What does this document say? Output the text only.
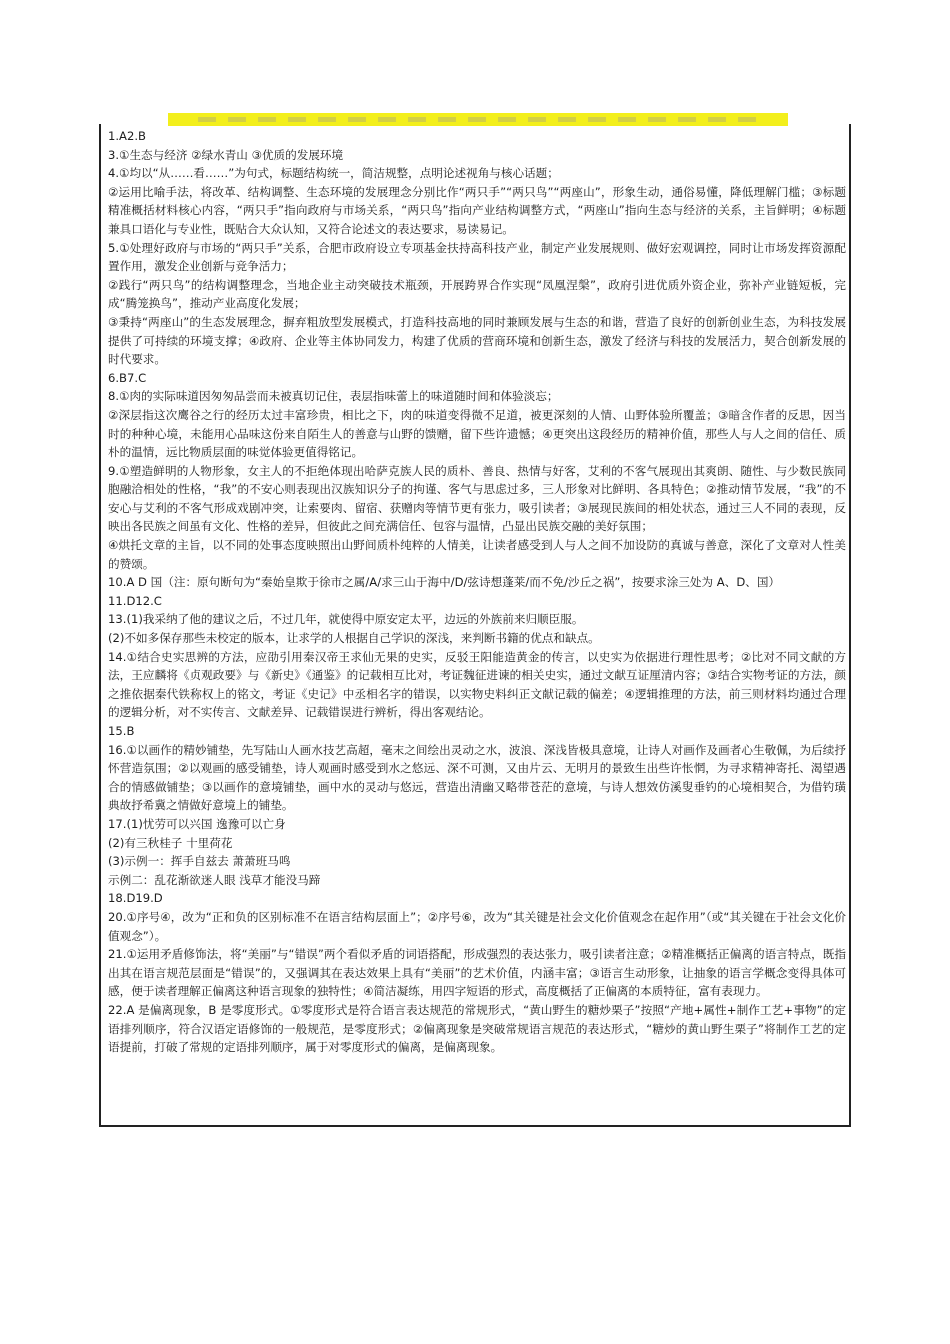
1.A2.B

3.①生态与经济 ②绿水青山 ③优质的发展环境

4.①均以“从……看……”为句式，标题结构统一，简洁规整，点明论述视角与核心话题；

②运用比喻手法，将改革、结构调整、生态环境的发展理念分别比作“两只手”“两只鸟”“两座山”，形象生动，通俗易懂，降低理解门槛；③标题精准概括材料核心内容，“两只手”指向政府与市场关系，“两只鸟”指向产业结构调整方式，“两座山”指向生态与经济的关系，主旨鲜明；④标题兼具口语化与专业性，既贴合大众认知，又符合论述文的表达要求，易读易记。

5.①处理好政府与市场的“两只手”关系，合肥市政府设立专项基金扶持高科技产业，制定产业发展规则、做好宏观调控，同时让市场发挥资源配置作用，激发企业创新与竞争活力；

②践行“两只鸟”的结构调整理念，当地企业主动突破技术瓶颈，开展跨界合作实现“凤凰涅槃”，政府引进优质外资企业，弥补产业链短板，完成“腾笼换鸟”，推动产业高度化发展；

③秉持“两座山”的生态发展理念，摒弃粗放型发展模式，打造科技高地的同时兼顾发展与生态的和谐，营造了良好的创新创业生态，为科技发展提供了可持续的环境支撑；④政府、企业等主体协同发力，构建了优质的营商环境和创新生态，激发了经济与科技的发展活力，契合创新发展的时代要求。

6.B7.C

8.①肉的实际味道因匆匆品尝而未被真切记住，表层指味蕾上的味道随时间和体验淡忘；

②深层指这次鹰谷之行的经历太过丰富珍贵，相比之下，肉的味道变得微不足道，被更深刻的人情、山野体验所覆盖；③暗含作者的反思，因当时的种种心境，未能用心品味这份来自陌生人的善意与山野的馈赠，留下些许遗憾；④更突出这段经历的精神价值，那些人与人之间的信任、质朴的温情，远比物质层面的味觉体验更值得铭记。

9.①塑造鲜明的人物形象，女主人的不拒绝体现出哈萨克族人民的质朴、善良、热情与好客，艾利的不客气展现出其爽朗、随性、与少数民族同胞融洽相处的性格，“我”的不安心则表现出汉族知识分子的拘谨、客气与思虑过多，三人形象对比鲜明、各具特色；②推动情节发展，“我”的不安心与艾利的不客气形成戏剧冲突，让索要肉、留宿、获赠肉等情节更有张力，吸引读者；③展现民族间的相处状态，通过三人不同的表现，反映出各民族之间虽有文化、性格的差异，但彼此之间充满信任、包容与温情，凸显出民族交融的美好氛围；

④烘托文章的主旨，以不同的处事态度映照出山野间质朴纯粹的人情美，让读者感受到人与人之间不加设防的真诚与善意，深化了文章对人性美的赞颂。

10.A D 国（注：原句断句为“秦始皇欺于徐市之属/A/求三山于海中/D/弦诗想蓬莱/而不免/沙丘之祸”，按要求涂三处为 A、D、国）

11.D12.C

13.(1)我采纳了他的建议之后，不过几年，就使得中原安定太平，边远的外族前来归顺臣服。

(2)不如多保存那些未校定的版本，让求学的人根据自己学识的深浅，来判断书籍的优点和缺点。

14.①结合史实思辨的方法，应劭引用秦汉帝王求仙无果的史实，反驳王阳能造黄金的传言，以史实为依据进行理性思考；②比对不同文献的方法，王应麟将《贞观政要》与《新史》《通鉴》的记载相互比对，考证魏征进谏的相关史实，通过文献互证厘清内容；③结合实物考证的方法，颜之推依据秦代铁称权上的铭文，考证《史记》中丞相名字的错误，以实物史料纠正文献记载的偏差；④逻辑推理的方法，前三则材料均通过合理的逻辑分析，对不实传言、文献差异、记载错误进行辨析，得出客观结论。

15.B

16.①以画作的精妙铺垫，先写陆山人画水技艺高超，毫末之间绘出灵动之水，波浪、深浅皆极具意境，让诗人对画作及画者心生敬佩，为后续抒怀营造氛围；②以观画的感受铺垫，诗人观画时感受到水之悠远、深不可测，又由片云、无明月的景致生出些许怅惘，为寻求精神寄托、渴望遇合的情感做铺垫；③以画作的意境铺垫，画中水的灵动与悠远，营造出清幽又略带苍茫的意境，与诗人想效仿溪叟垂钓的心境相契合，为借钓璜典故抒希冀之情做好意境上的铺垫。

17.(1)忧劳可以兴国 逸豫可以亡身

(2)有三秋桂子 十里荷花

(3)示例一：挥手自兹去 萧萧班马鸣

示例二：乱花渐欲迷人眼 浅草才能没马蹄

18.D19.D

20.①序号④，改为“正和负的区别标准不在语言结构层面上”；②序号⑥，改为“其关键是社会文化价值观念在起作用”（或“其关键在于社会文化价值观念”）。

21.①运用矛盾修饰法，将“美丽”与“错误”两个看似矛盾的词语搭配，形成强烈的表达张力，吸引读者注意；②精准概括正偏离的语言特点，既指出其在语言规范层面是“错误”的，又强调其在表达效果上具有“美丽”的艺术价值，内涵丰富；③语言生动形象，让抽象的语言学概念变得具体可感，便于读者理解正偏离这种语言现象的独特性；④简洁凝练，用四字短语的形式，高度概括了正偏离的本质特征，富有表现力。

22.A 是偏离现象，B 是零度形式。①零度形式是符合语言表达规范的常规形式，“黄山野生的糖炒栗子”按照“产地+属性+制作工艺+事物”的定语排列顺序，符合汉语定语修饰的一般规范，是零度形式；②偏离现象是突破常规语言规范的表达形式，“糖炒的黄山野生栗子”将制作工艺的定语提前，打破了常规的定语排列顺序，属于对零度形式的偏离，是偏离现象。
